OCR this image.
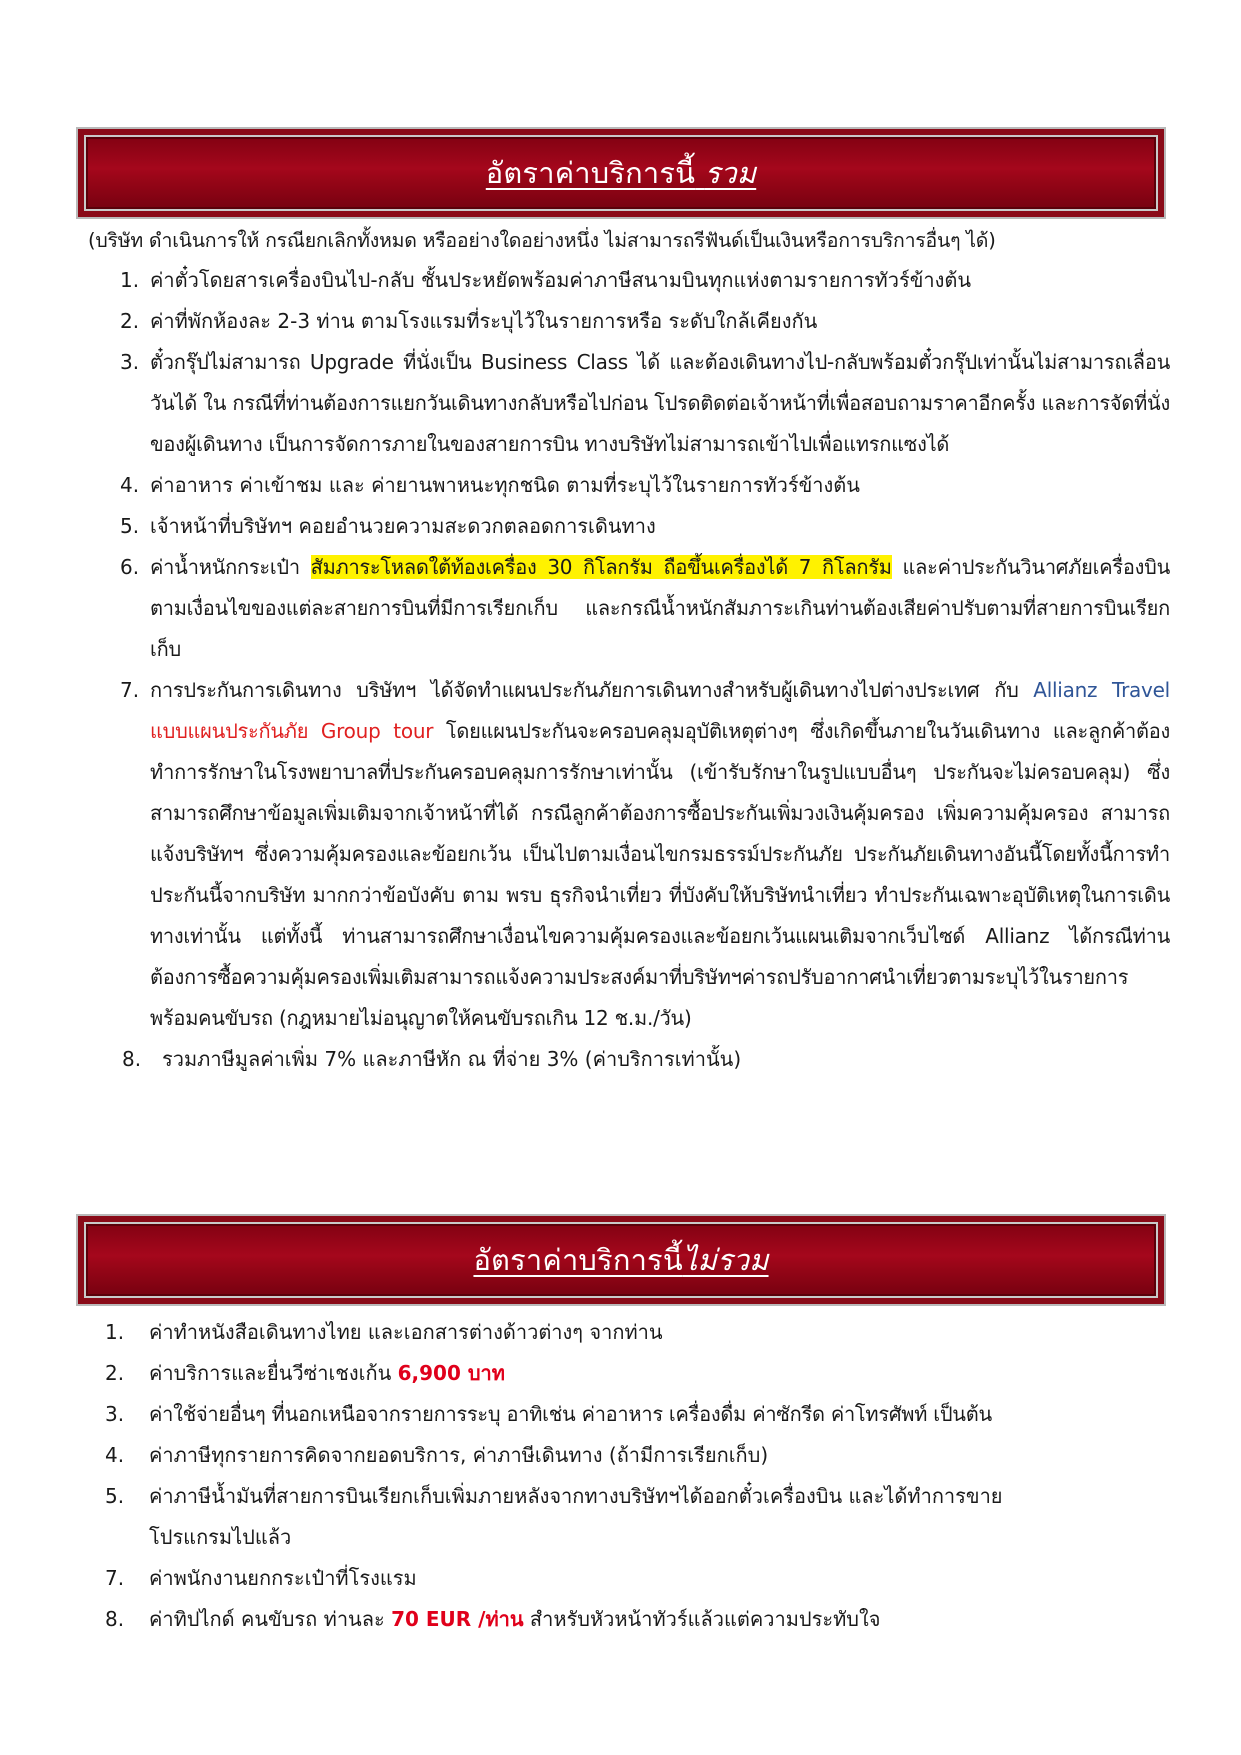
อัตราค่าบริการนี้ รวม
(บริษัท ดำเนินการให้ กรณียกเลิกทั้งหมด หรืออย่างใดอย่างหนึ่ง ไม่สามารถรีฟันด์เป็นเงินหรือการบริการอื่นๆ ได้)
1. ค่าตั๋วโดยสารเครื่องบินไป-กลับ ชั้นประหยัดพร้อมค่าภาษีสนามบินทุกแห่งตามรายการทัวร์ข้างต้น
2. ค่าที่พักห้องละ 2-3 ท่าน ตามโรงแรมที่ระบุไว้ในรายการหรือ ระดับใกล้เคียงกัน
3. ตั๋วกรุ๊ปไม่สามารถ Upgrade ที่นั่งเป็น Business Class ได้ และต้องเดินทางไป-กลับพร้อมตั๋วกรุ๊ปเท่านั้นไม่สามารถเลื่อนวันได้ ใน กรณีที่ท่านต้องการแยกวันเดินทางกลับหรือไปก่อน โปรดติดต่อเจ้าหน้าที่เพื่อสอบถามราคาอีกครั้ง และการจัดที่นั่งของผู้เดินทาง เป็นการจัดการภายในของสายการบิน ทางบริษัทไม่สามารถเข้าไปเพื่อแทรกแซงได้
4. ค่าอาหาร ค่าเข้าชม และ ค่ายานพาหนะทุกชนิด ตามที่ระบุไว้ในรายการทัวร์ข้างต้น
5. เจ้าหน้าที่บริษัทฯ คอยอำนวยความสะดวกตลอดการเดินทาง
6. ค่าน้ำหนักกระเป๋า สัมภาระโหลดใต้ท้องเครื่อง 30 กิโลกรัม ถือขึ้นเครื่องได้ 7 กิโลกรัม และค่าประกันวินาศภัยเครื่องบินตามเงื่อนไขของแต่ละสายการบินที่มีการเรียกเก็บ และกรณีน้ำหนักสัมภาระเกินท่านต้องเสียค่าปรับตามที่สายการบินเรียกเก็บ
7. การประกันการเดินทาง บริษัทฯ ได้จัดทำแผนประกันภัยการเดินทางสำหรับผู้เดินทางไปต่างประเทศ กับ Allianz Travel แบบแผนประกันภัย Group tour โดยแผนประกันจะครอบคลุมอุบัติเหตุต่างๆ ซึ่งเกิดขึ้นภายในวันเดินทาง และลูกค้าต้องทำการรักษาในโรงพยาบาลที่ประกันครอบคลุมการรักษาเท่านั้น (เข้ารับรักษาในรูปแบบอื่นๆ ประกันจะไม่ครอบคลุม) ซึ่งสามารถศึกษาข้อมูลเพิ่มเติมจากเจ้าหน้าที่ได้ กรณีลูกค้าต้องการซื้อประกันเพิ่มวงเงินคุ้มครอง เพิ่มความคุ้มครอง สามารถแจ้งบริษัทฯ ซึ่งความคุ้มครองและข้อยกเว้น เป็นไปตามเงื่อนไขกรมธรรม์ประกันภัย ประกันภัยเดินทางอันนี้โดยทั้งนี้การทำประกันนี้จากบริษัท มากกว่าข้อบังคับ ตาม พรบ ธุรกิจนำเที่ยว ที่บังคับให้บริษัทนำเที่ยว ทำประกันเฉพาะอุบัติเหตุในการเดินทางเท่านั้น แต่ทั้งนี้ ท่านสามารถศึกษาเงื่อนไขความคุ้มครองและข้อยกเว้นแผนเติมจากเว็บไซด์ Allianz ได้กรณีท่านต้องการซื้อความคุ้มครองเพิ่มเติมสามารถแจ้งความประสงค์มาที่บริษัทฯค่ารถปรับอากาศนำเที่ยวตามระบุไว้ในรายการ พร้อมคนขับรถ (กฎหมายไม่อนุญาตให้คนขับรถเกิน 12 ช.ม./วัน)
8.	รวมภาษีมูลค่าเพิ่ม 7% และภาษีหัก ณ ที่จ่าย 3% (ค่าบริการเท่านั้น)
อัตราค่าบริการนี้ไม่รวม
1.	ค่าทำหนังสือเดินทางไทย และเอกสารต่างด้าวต่างๆ จากท่าน
2.	ค่าบริการและยื่นวีซ่าเชงเก้น 6,900 บาท
3.	ค่าใช้จ่ายอื่นๆ ที่นอกเหนือจากรายการระบุ อาทิเช่น ค่าอาหาร เครื่องดื่ม ค่าซักรีด ค่าโทรศัพท์ เป็นต้น
4.	ค่าภาษีทุกรายการคิดจากยอดบริการ, ค่าภาษีเดินทาง (ถ้ามีการเรียกเก็บ)
5.	ค่าภาษีน้ำมันที่สายการบินเรียกเก็บเพิ่มภายหลังจากทางบริษัทฯได้ออกตั๋วเครื่องบิน และได้ทำการขายโปรแกรมไปแล้ว
7.	ค่าพนักงานยกกระเป๋าที่โรงแรม
8.	ค่าทิปไกด์ คนขับรถ ท่านละ 70 EUR /ท่าน สำหรับหัวหน้าทัวร์แล้วแต่ความประทับใจ
